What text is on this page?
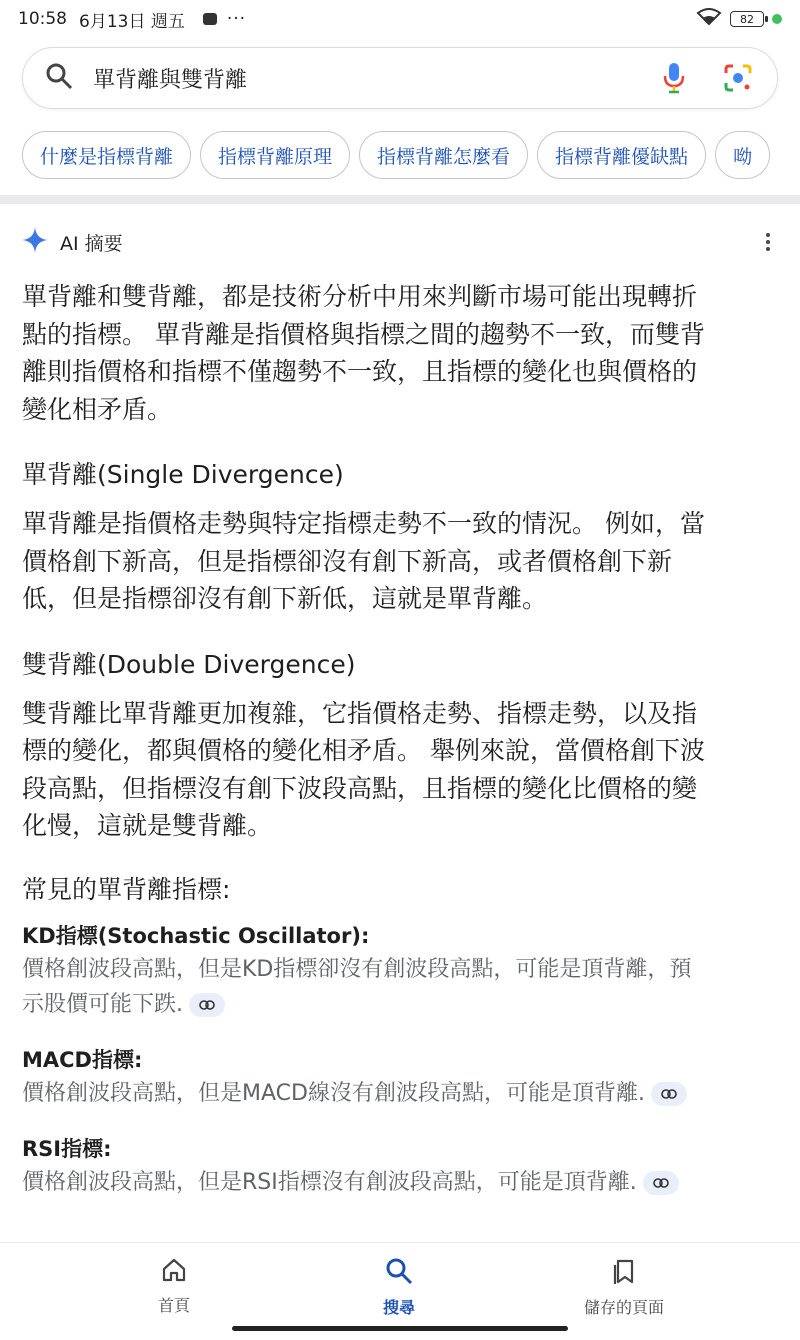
10:58 6月13日 週五 ···	82
單背離與雙背離
什麼是指標背離 指標背離原理 指標背離怎麼看 指標背離優缺點 呦
AI 摘要
單背離和雙背離，都是技術分析中用來判斷市場可能出現轉折
點的指標。 單背離是指價格與指標之間的趨勢不一致，而雙背
離則指價格和指標不僅趨勢不一致，且指標的變化也與價格的
變化相矛盾。
單背離(Single Divergence)
單背離是指價格走勢與特定指標走勢不一致的情況。 例如，當
價格創下新高，但是指標卻沒有創下新高，或者價格創下新
低，但是指標卻沒有創下新低，這就是單背離。
雙背離(Double Divergence)
雙背離比單背離更加複雜，它指價格走勢、指標走勢，以及指
標的變化，都與價格的變化相矛盾。 舉例來說，當價格創下波
段高點，但指標沒有創下波段高點，且指標的變化比價格的變
化慢，這就是雙背離。
常見的單背離指標:
KD指標(Stochastic Oscillator):
價格創波段高點，但是KD指標卻沒有創波段高點，可能是頂背離，預
示股價可能下跌.
MACD指標:
價格創波段高點，但是MACD線沒有創波段高點，可能是頂背離.
RSI指標:
價格創波段高點，但是RSI指標沒有創波段高點，可能是頂背離.
首頁	搜尋	儲存的頁面
